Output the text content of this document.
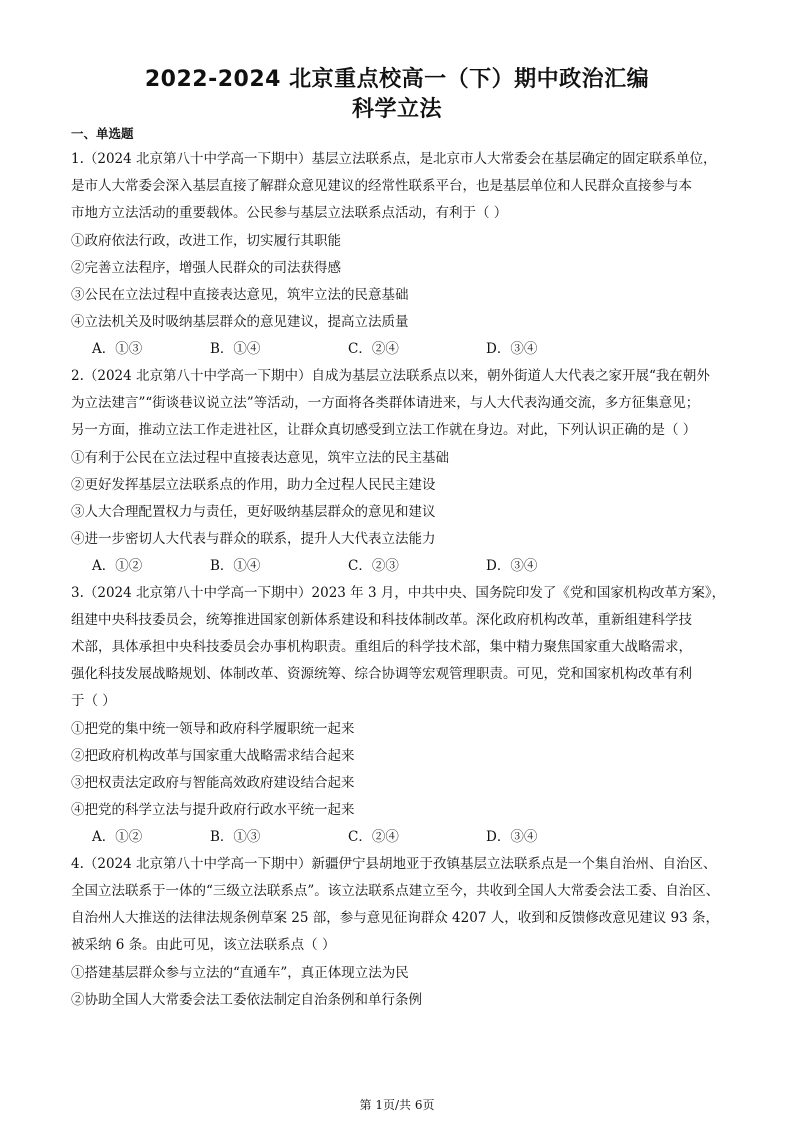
2022-2024 北京重点校高一（下）期中政治汇编
科学立法
一、单选题
1.（2024 北京第八十中学高一下期中）基层立法联系点，是北京市人大常委会在基层确定的固定联系单位，
是市人大常委会深入基层直接了解群众意见建议的经常性联系平台，也是基层单位和人民群众直接参与本
市地方立法活动的重要载体。公民参与基层立法联系点活动，有利于（ ）
①政府依法行政，改进工作，切实履行其职能
②完善立法程序，增强人民群众的司法获得感
③公民在立法过程中直接表达意见，筑牢立法的民意基础
④立法机关及时吸纳基层群众的意见建议，提高立法质量
A．①③	B．①④	C．②④	D．③④
2.（2024 北京第八十中学高一下期中）自成为基层立法联系点以来，朝外街道人大代表之家开展“我在朝外
为立法建言”“街谈巷议说立法”等活动，一方面将各类群体请进来，与人大代表沟通交流，多方征集意见；
另一方面，推动立法工作走进社区，让群众真切感受到立法工作就在身边。对此，下列认识正确的是（ ）
①有利于公民在立法过程中直接表达意见，筑牢立法的民主基础
②更好发挥基层立法联系点的作用，助力全过程人民民主建设
③人大合理配置权力与责任，更好吸纳基层群众的意见和建议
④进一步密切人大代表与群众的联系，提升人大代表立法能力
A．①②	B．①④	C．②③	D．③④
3.（2024 北京第八十中学高一下期中）2023 年 3 月，中共中央、国务院印发了《党和国家机构改革方案》，
组建中央科技委员会，统筹推进国家创新体系建设和科技体制改革。深化政府机构改革，重新组建科学技
术部，具体承担中央科技委员会办事机构职责。重组后的科学技术部，集中精力聚焦国家重大战略需求，
强化科技发展战略规划、体制改革、资源统筹、综合协调等宏观管理职责。可见，党和国家机构改革有利
于（ ）
①把党的集中统一领导和政府科学履职统一起来
②把政府机构改革与国家重大战略需求结合起来
③把权责法定政府与智能高效政府建设结合起来
④把党的科学立法与提升政府行政水平统一起来
A．①②	B．①③	C．②④	D．③④
4.（2024 北京第八十中学高一下期中）新疆伊宁县胡地亚于孜镇基层立法联系点是一个集自治州、自治区、
全国立法联系于一体的“三级立法联系点”。该立法联系点建立至今，共收到全国人大常委会法工委、自治区、
自治州人大推送的法律法规条例草案 25 部，参与意见征询群众 4207 人，收到和反馈修改意见建议 93 条，
被采纳 6 条。由此可见，该立法联系点（ ）
①搭建基层群众参与立法的“直通车”，真正体现立法为民
②协助全国人大常委会法工委依法制定自治条例和单行条例
第 1页/共 6页
